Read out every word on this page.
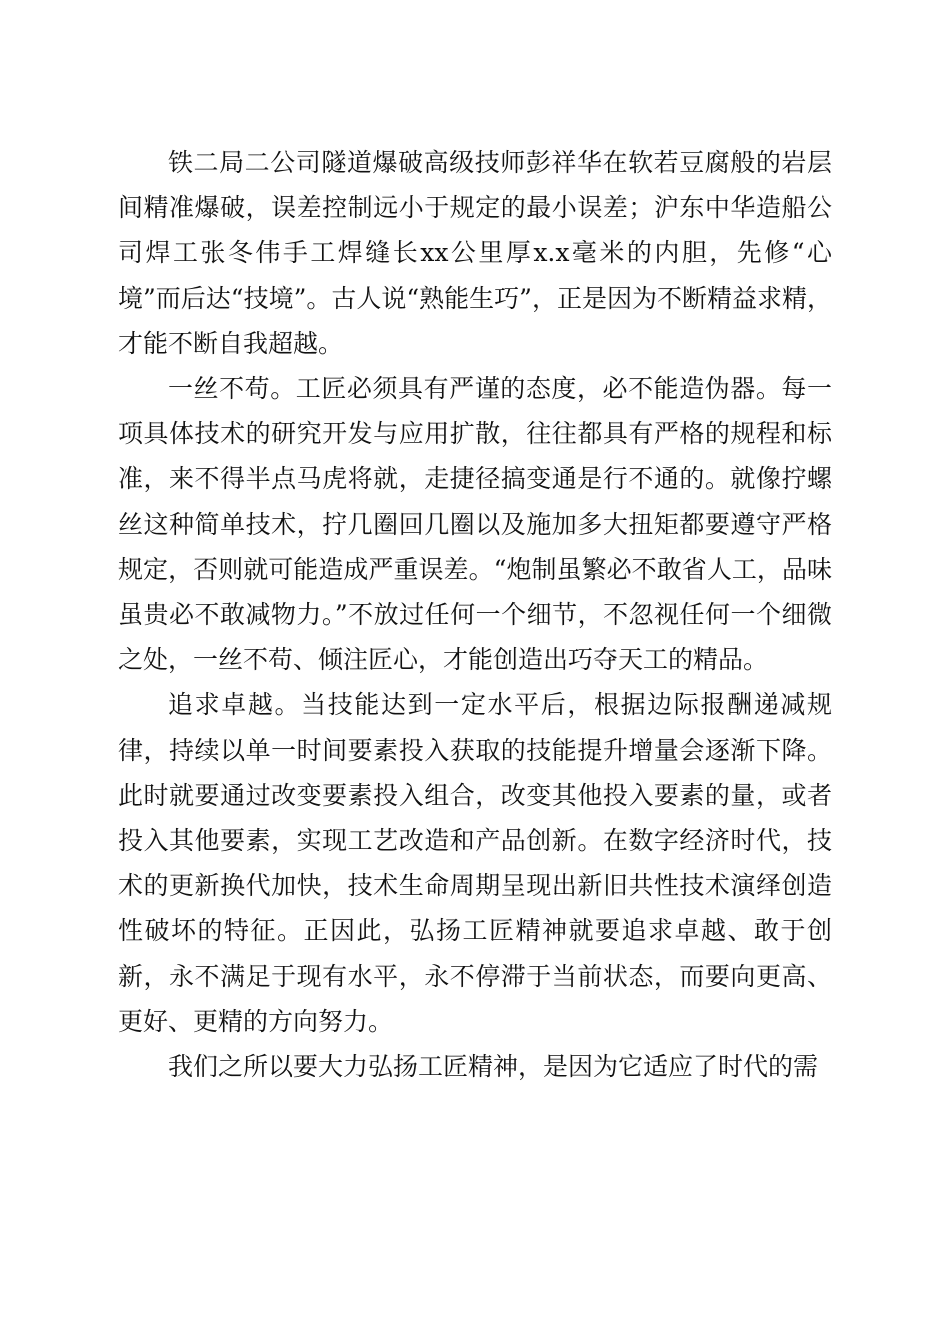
铁二局二公司隧道爆破高级技师彭祥华在软若豆腐般的岩层间精准爆破，误差控制远小于规定的最小误差；沪东中华造船公司焊工张冬伟手工焊缝长xx公里厚x.x毫米的内胆，先修“心境”而后达“技境”。古人说“熟能生巧”，正是因为不断精益求精，才能不断自我超越。

一丝不苟。工匠必须具有严谨的态度，必不能造伪器。每一项具体技术的研究开发与应用扩散，往往都具有严格的规程和标准，来不得半点马虎将就，走捷径搞变通是行不通的。就像拧螺丝这种简单技术，拧几圈回几圈以及施加多大扭矩都要遵守严格规定，否则就可能造成严重误差。“炮制虽繁必不敢省人工，品味虽贵必不敢减物力。”不放过任何一个细节，不忽视任何一个细微之处，一丝不苟、倾注匠心，才能创造出巧夺天工的精品。

追求卓越。当技能达到一定水平后，根据边际报酬递减规律，持续以单一时间要素投入获取的技能提升增量会逐渐下降。此时就要通过改变要素投入组合，改变其他投入要素的量，或者投入其他要素，实现工艺改造和产品创新。在数字经济时代，技术的更新换代加快，技术生命周期呈现出新旧共性技术演绎创造性破坏的特征。正因此，弘扬工匠精神就要追求卓越、敢于创新，永不满足于现有水平，永不停滞于当前状态，而要向更高、更好、更精的方向努力。

我们之所以要大力弘扬工匠精神，是因为它适应了时代的需
